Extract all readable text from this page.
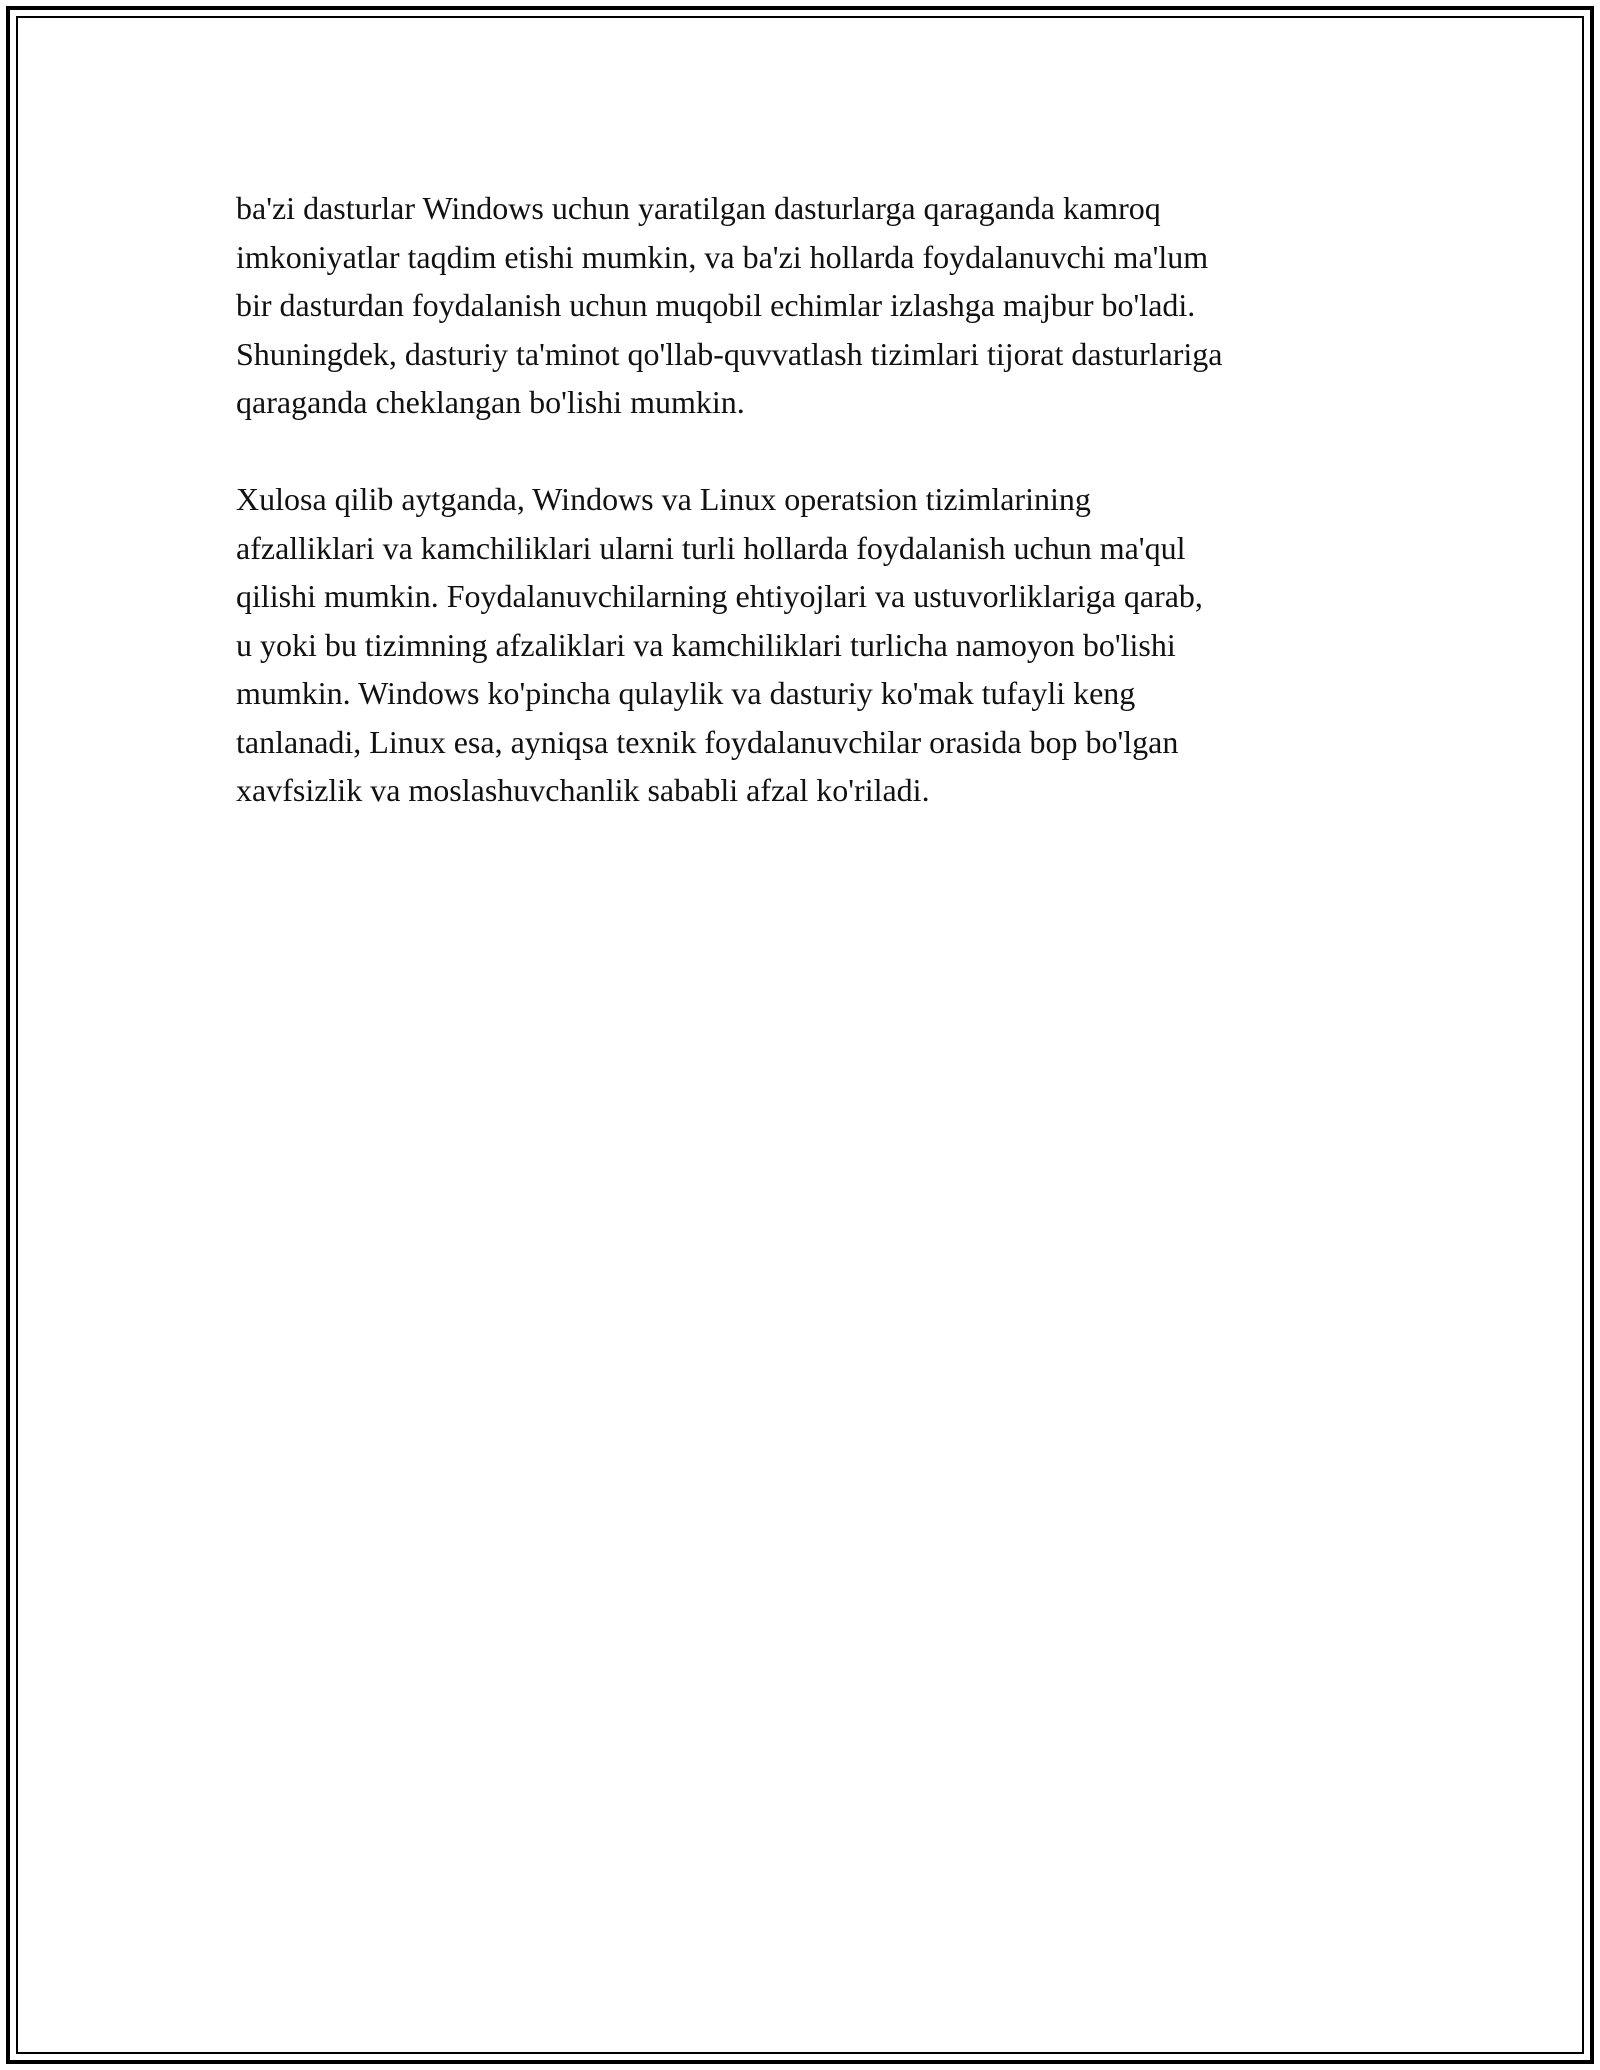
ba'zi dasturlar Windows uchun yaratilgan dasturlarga qaraganda kamroq
imkoniyatlar taqdim etishi mumkin, va ba'zi hollarda foydalanuvchi ma'lum
bir dasturdan foydalanish uchun muqobil echimlar izlashga majbur bo'ladi.
Shuningdek, dasturiy ta'minot qo'llab-quvvatlash tizimlari tijorat dasturlariga
qaraganda cheklangan bo'lishi mumkin.

Xulosa qilib aytganda, Windows va Linux operatsion tizimlarining
afzalliklari va kamchiliklari ularni turli hollarda foydalanish uchun ma'qul
qilishi mumkin. Foydalanuvchilarning ehtiyojlari va ustuvorliklariga qarab,
u yoki bu tizimning afzaliklari va kamchiliklari turlicha namoyon bo'lishi
mumkin. Windows ko'pincha qulaylik va dasturiy ko'mak tufayli keng
tanlanadi, Linux esa, ayniqsa texnik foydalanuvchilar orasida bop bo'lgan
xavfsizlik va moslashuvchanlik sababli afzal ko'riladi.
